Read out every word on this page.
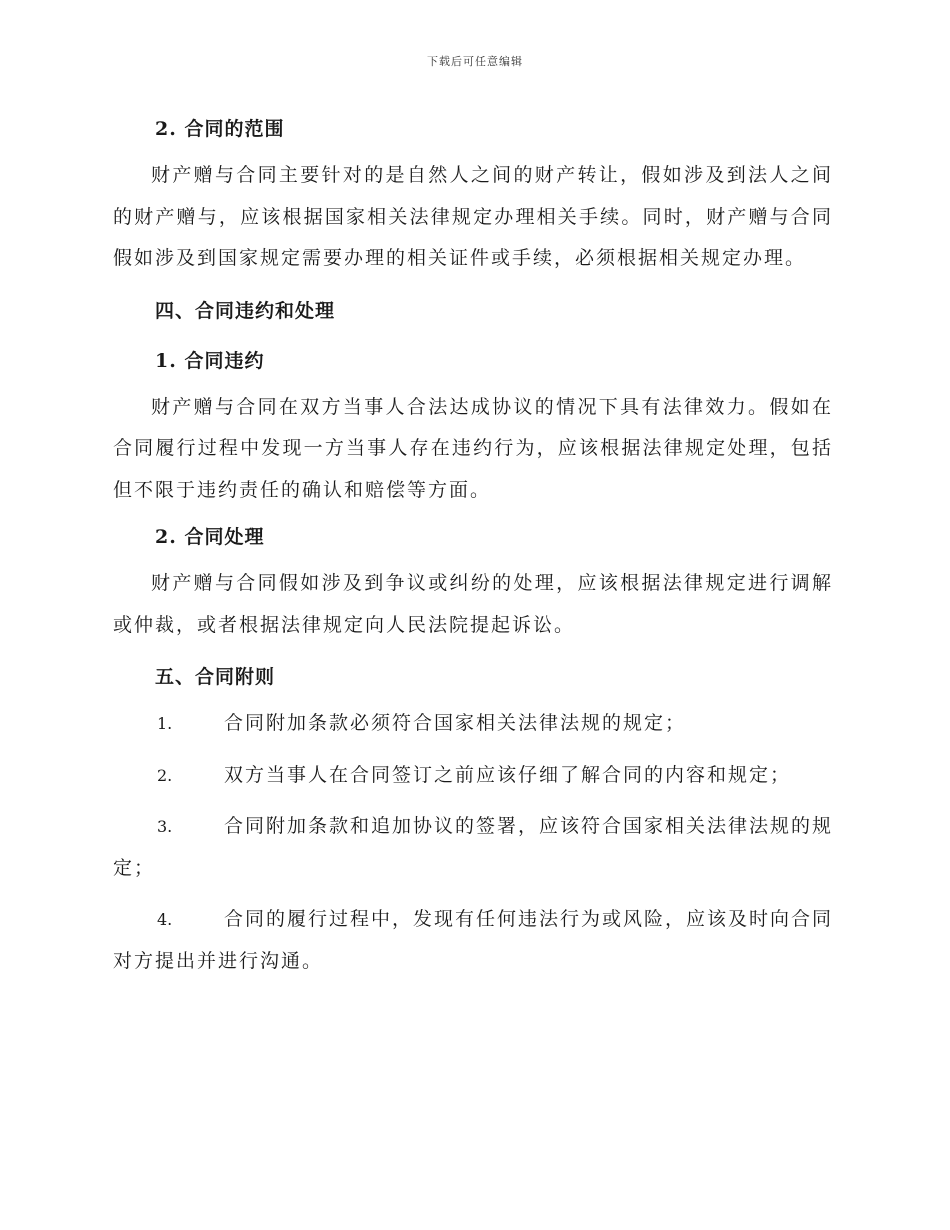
下载后可任意编辑
2. 合同的范围

财产赠与合同主要针对的是自然人之间的财产转让，假如涉及到法人之间的财产赠与，应该根据国家相关法律规定办理相关手续。同时，财产赠与合同假如涉及到国家规定需要办理的相关证件或手续，必须根据相关规定办理。

四、合同违约和处理
1. 合同违约

财产赠与合同在双方当事人合法达成协议的情况下具有法律效力。假如在合同履行过程中发现一方当事人存在违约行为，应该根据法律规定处理，包括但不限于违约责任的确认和赔偿等方面。

2. 合同处理

财产赠与合同假如涉及到争议或纠纷的处理，应该根据法律规定进行调解或仲裁，或者根据法律规定向人民法院提起诉讼。

五、合同附则

1.	合同附加条款必须符合国家相关法律法规的规定；

2.	双方当事人在合同签订之前应该仔细了解合同的内容和规定；

3.	合同附加条款和追加协议的签署，应该符合国家相关法律法规的规定；

4.	合同的履行过程中，发现有任何违法行为或风险，应该及时向合同对方提出并进行沟通。
